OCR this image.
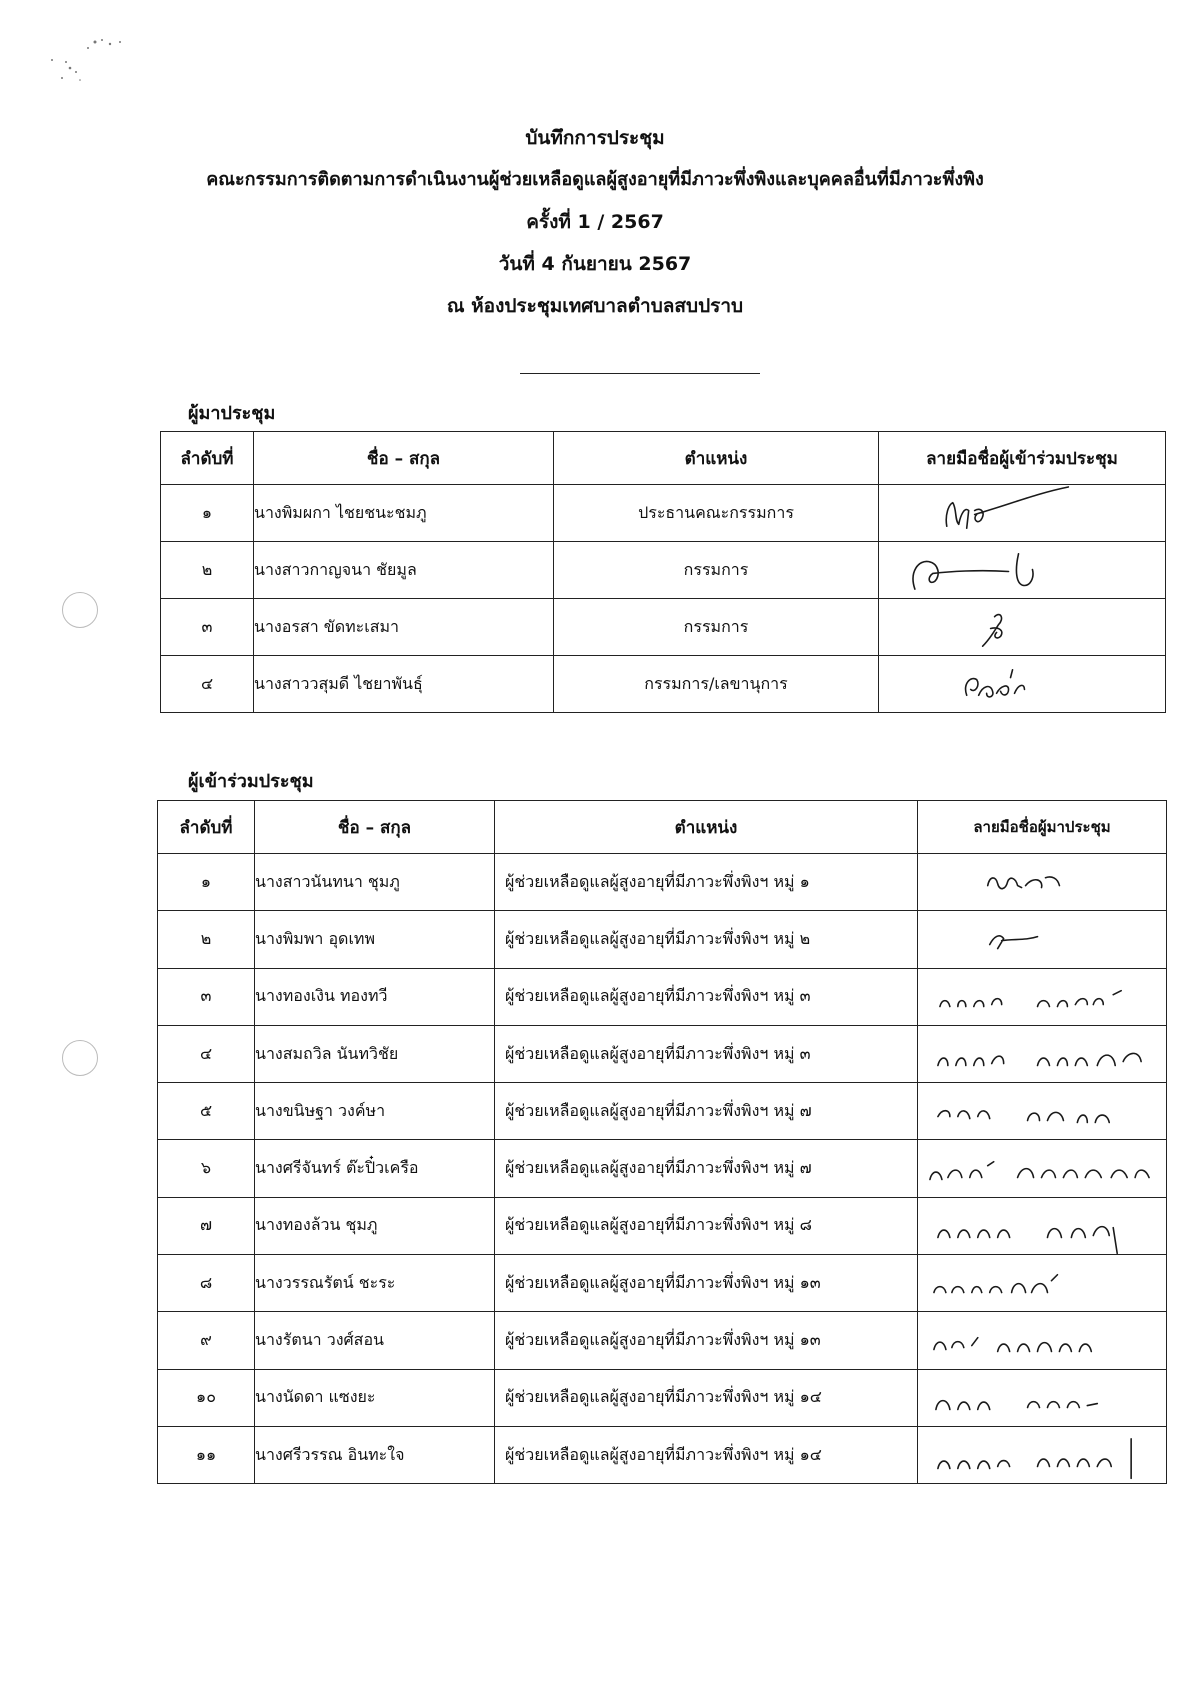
บันทึกการประชุม
คณะกรรมการติดตามการดำเนินงานผู้ช่วยเหลือดูแลผู้สูงอายุที่มีภาวะพึ่งพิงและบุคคลอื่นที่มีภาวะพึ่งพิง
ครั้งที่ 1 / 2567
วันที่ 4 กันยายน 2567
ณ ห้องประชุมเทศบาลตำบลสบปราบ
ผู้มาประชุม
ลำดับที่	ชื่อ – สกุล	ตำแหน่ง	ลายมือชื่อผู้เข้าร่วมประชุม
๑	นางพิมผกา ไชยชนะชมภู	ประธานคณะกรรมการ	

๒	นางสาวกาญจนา ชัยมูล	กรรมการ	

๓	นางอรสา ขัดทะเสมา	กรรมการ	

๔	นางสาววสุมดี ไชยาพันธุ์	กรรมการ/เลขานุการ	
ผู้เข้าร่วมประชุม
ลำดับที่	ชื่อ – สกุล	ตำแหน่ง	ลายมือชื่อผู้มาประชุม
๑	นางสาวนันทนา ชุมภู	ผู้ช่วยเหลือดูแลผู้สูงอายุที่มีภาวะพึ่งพิงฯ หมู่ ๑	

๒	นางพิมพา อุดเทพ	ผู้ช่วยเหลือดูแลผู้สูงอายุที่มีภาวะพึ่งพิงฯ หมู่ ๒	

๓	นางทองเงิน ทองทวี	ผู้ช่วยเหลือดูแลผู้สูงอายุที่มีภาวะพึ่งพิงฯ หมู่ ๓	

๔	นางสมถวิล นันทวิชัย	ผู้ช่วยเหลือดูแลผู้สูงอายุที่มีภาวะพึ่งพิงฯ หมู่ ๓	

๕	นางขนิษฐา วงค์ษา	ผู้ช่วยเหลือดูแลผู้สูงอายุที่มีภาวะพึ่งพิงฯ หมู่ ๗	

๖	นางศรีจันทร์ ต๊ะปิ๋วเครือ	ผู้ช่วยเหลือดูแลผู้สูงอายุที่มีภาวะพึ่งพิงฯ หมู่ ๗	

๗	นางทองล้วน ชุมภู	ผู้ช่วยเหลือดูแลผู้สูงอายุที่มีภาวะพึ่งพิงฯ หมู่ ๘	

๘	นางวรรณรัตน์ ชะระ	ผู้ช่วยเหลือดูแลผู้สูงอายุที่มีภาวะพึ่งพิงฯ หมู่ ๑๓	

๙	นางรัตนา วงศ์สอน	ผู้ช่วยเหลือดูแลผู้สูงอายุที่มีภาวะพึ่งพิงฯ หมู่ ๑๓	

๑๐	นางนัดดา แซงยะ	ผู้ช่วยเหลือดูแลผู้สูงอายุที่มีภาวะพึ่งพิงฯ หมู่ ๑๔	

๑๑	นางศรีวรรณ อินทะใจ	ผู้ช่วยเหลือดูแลผู้สูงอายุที่มีภาวะพึ่งพิงฯ หมู่ ๑๔	
